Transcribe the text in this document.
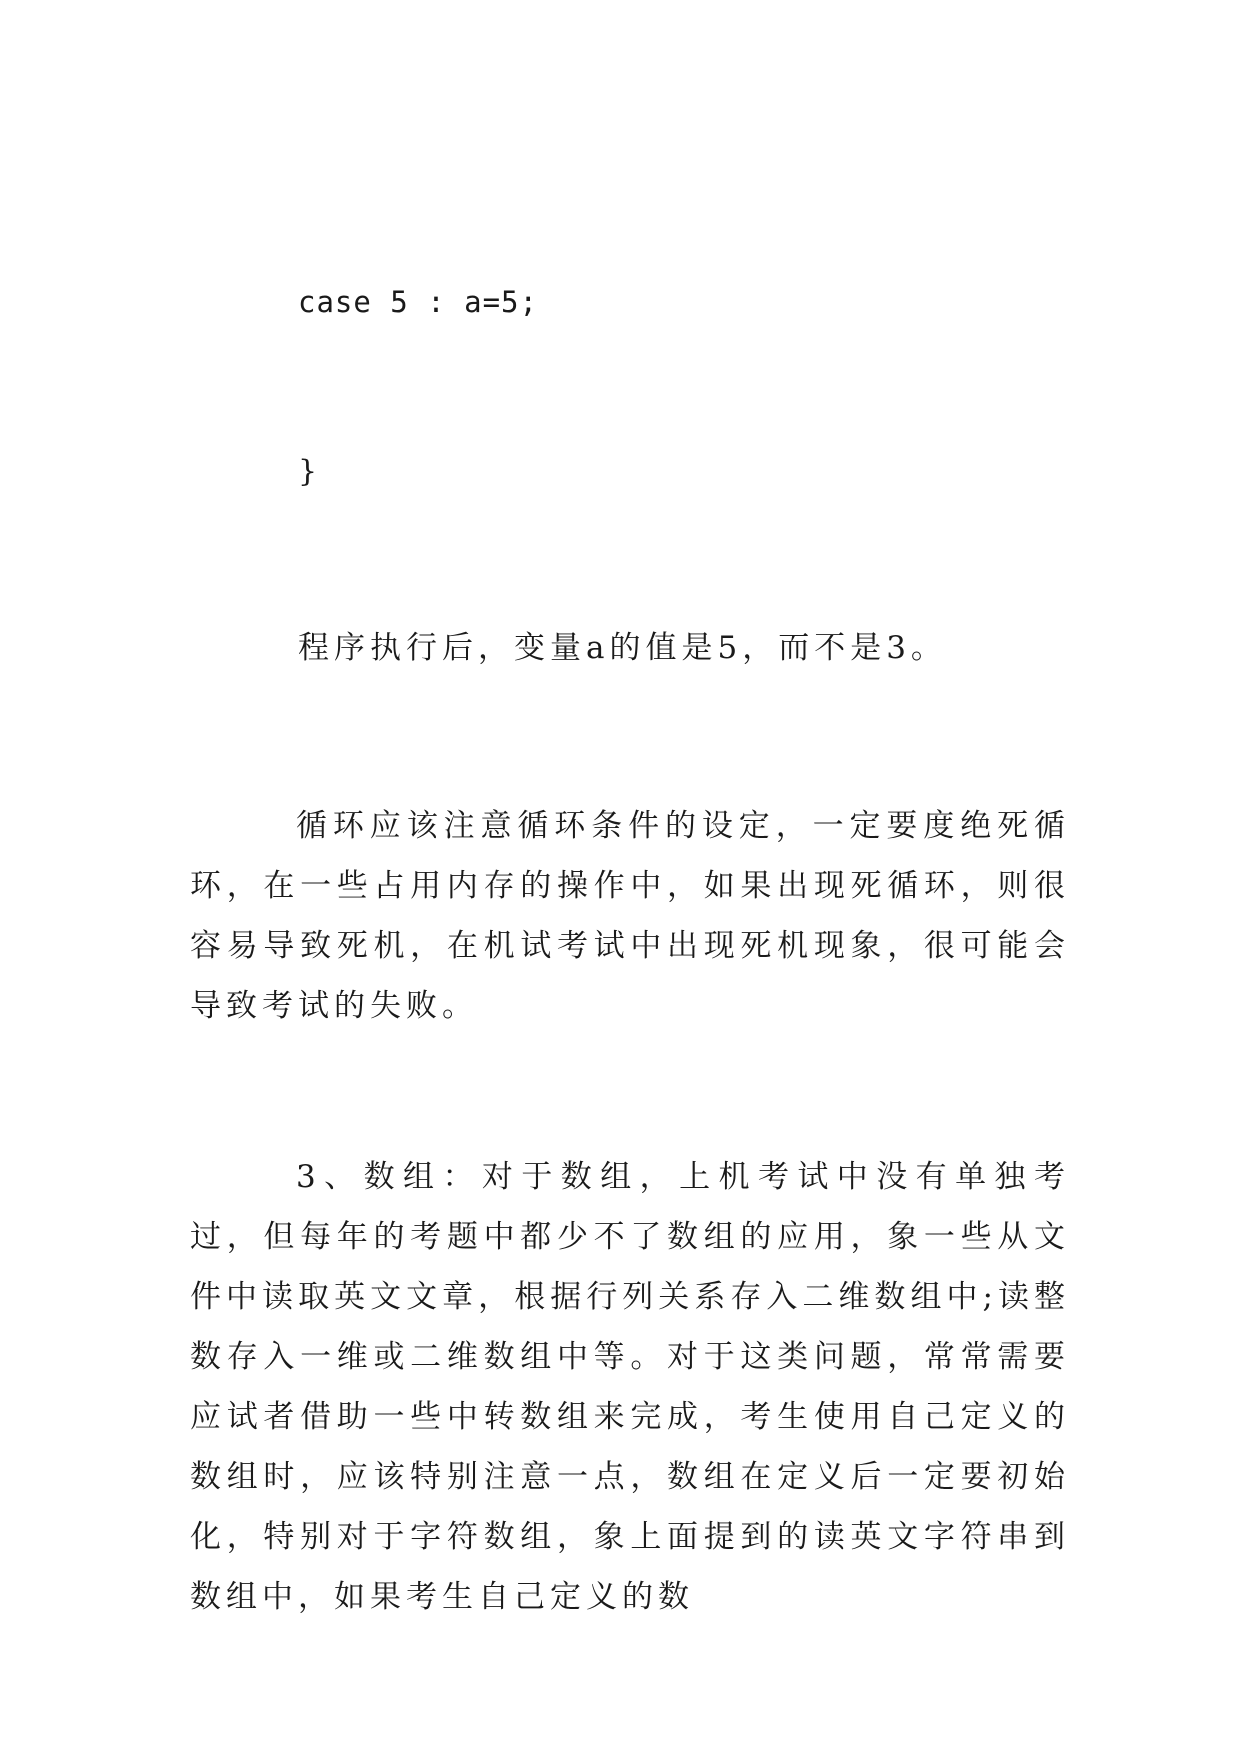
case 5 : a=5;
}
程序执行后，变量a的值是5，而不是3。

循环应该注意循环条件的设定，一定要度绝死循环，在一些占用内存的操作中，如果出现死循环，则很容易导致死机，在机试考试中出现死机现象，很可能会导致考试的失败。

3、数组：对于数组，上机考试中没有单独考过，但每年的考题中都少不了数组的应用，象一些从文件中读取英文文章，根据行列关系存入二维数组中;读整数存入一维或二维数组中等。对于这类问题，常常需要应试者借助一些中转数组来完成，考生使用自己定义的数组时，应该特别注意一点，数组在定义后一定要初始化，特别对于字符数组，象上面提到的读英文字符串到数组中，如果考生自己定义的数
